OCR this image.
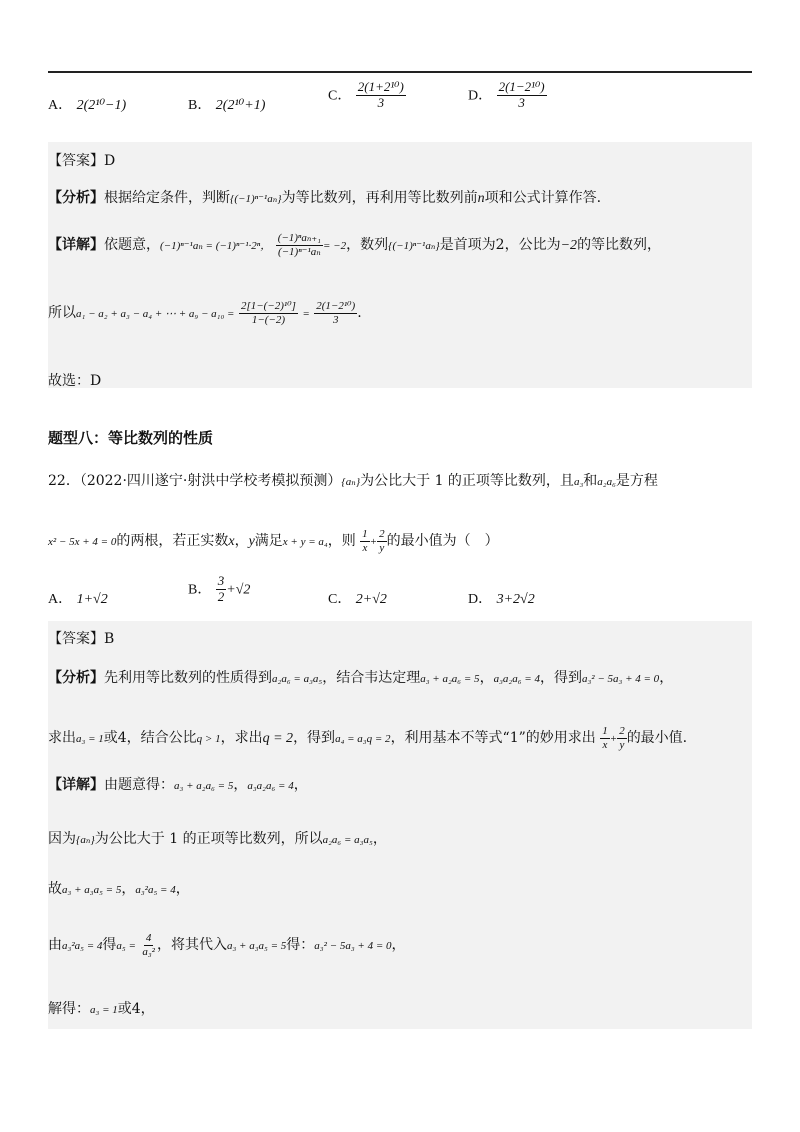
A． 2(2¹⁰−1)	B． 2(2¹⁰+1)
C． $\frac{\text{2(1+2¹⁰)}}{3}$	D． $\frac{\text{2(1−2¹⁰)}}{3}$
【答案】D
【分析】根据给定条件，判断{(−1)ⁿ⁻¹aₙ}为等比数列，再利用等比数列前n项和公式计算作答.
【详解】依题意，(−1)ⁿ⁻¹aₙ = (−1)ⁿ⁻¹·2ⁿ， $\frac{\text{(−1)ⁿaₙ₊₁}}{\text{(−1)ⁿ⁻¹aₙ}} = -2$，数列{(−1)ⁿ⁻¹aₙ}是首项为2，公比为−2的等比数列，
所以a₁ − a₂ + a₃ − a₄ + ⋯ + $a_9 - a_{10} = \frac{\text{2[1−(−2)¹⁰]}}{1-(-2)} = \frac{\text{2(1−2¹⁰)}}{3}$ .
故选：D
题型八：等比数列的性质
22．（2022·四川遂宁·射洪中学校考模拟预测）{aₙ}为公比大于 1 的正项等比数列，且a₃和a₂a₆是方程
x² − 5x + 4 = 0的两根，若正实数x，y满足x + y = a₄，则 $\frac{1}{x} + \frac{2}{y}$ 的最小值为（　）
A． 1+√2
B． $\frac{3}{2} +√2$
C． 2+√2	D． 3+2√2
【答案】B
【分析】先利用等比数列的性质得到a₂a₆ = a₃a₅，结合韦达定理a₃ + a₂a₆ = 5，a₃a₂a₆ = 4，得到a₃² − 5a₃ + 4 = 0，
求出a₃ = 1或4，结合公比q > 1，求出q = 2，得到a₄ = a₃q = 2，利用基本不等式“1”的妙用求出 $\frac{1}{x} + \frac{2}{y}$ 的最小值.
【详解】由题意得：a₃ + a₂a₆ = 5，a₃a₂a₆ = 4，
因为{aₙ}为公比大于 1 的正项等比数列，所以a₂a₆ = a₃a₅，
故a₃ + a₃a₅ = 5，a₃²a₅ = 4，
由a₃²a₅ = 4得$a_5 = \frac{4}{\text{a₃²}}$ ，将其代入a₃ + a₃a₅ = 5得：a₃² − 5a₃ + 4 = 0，
解得：a₃ = 1或4，
